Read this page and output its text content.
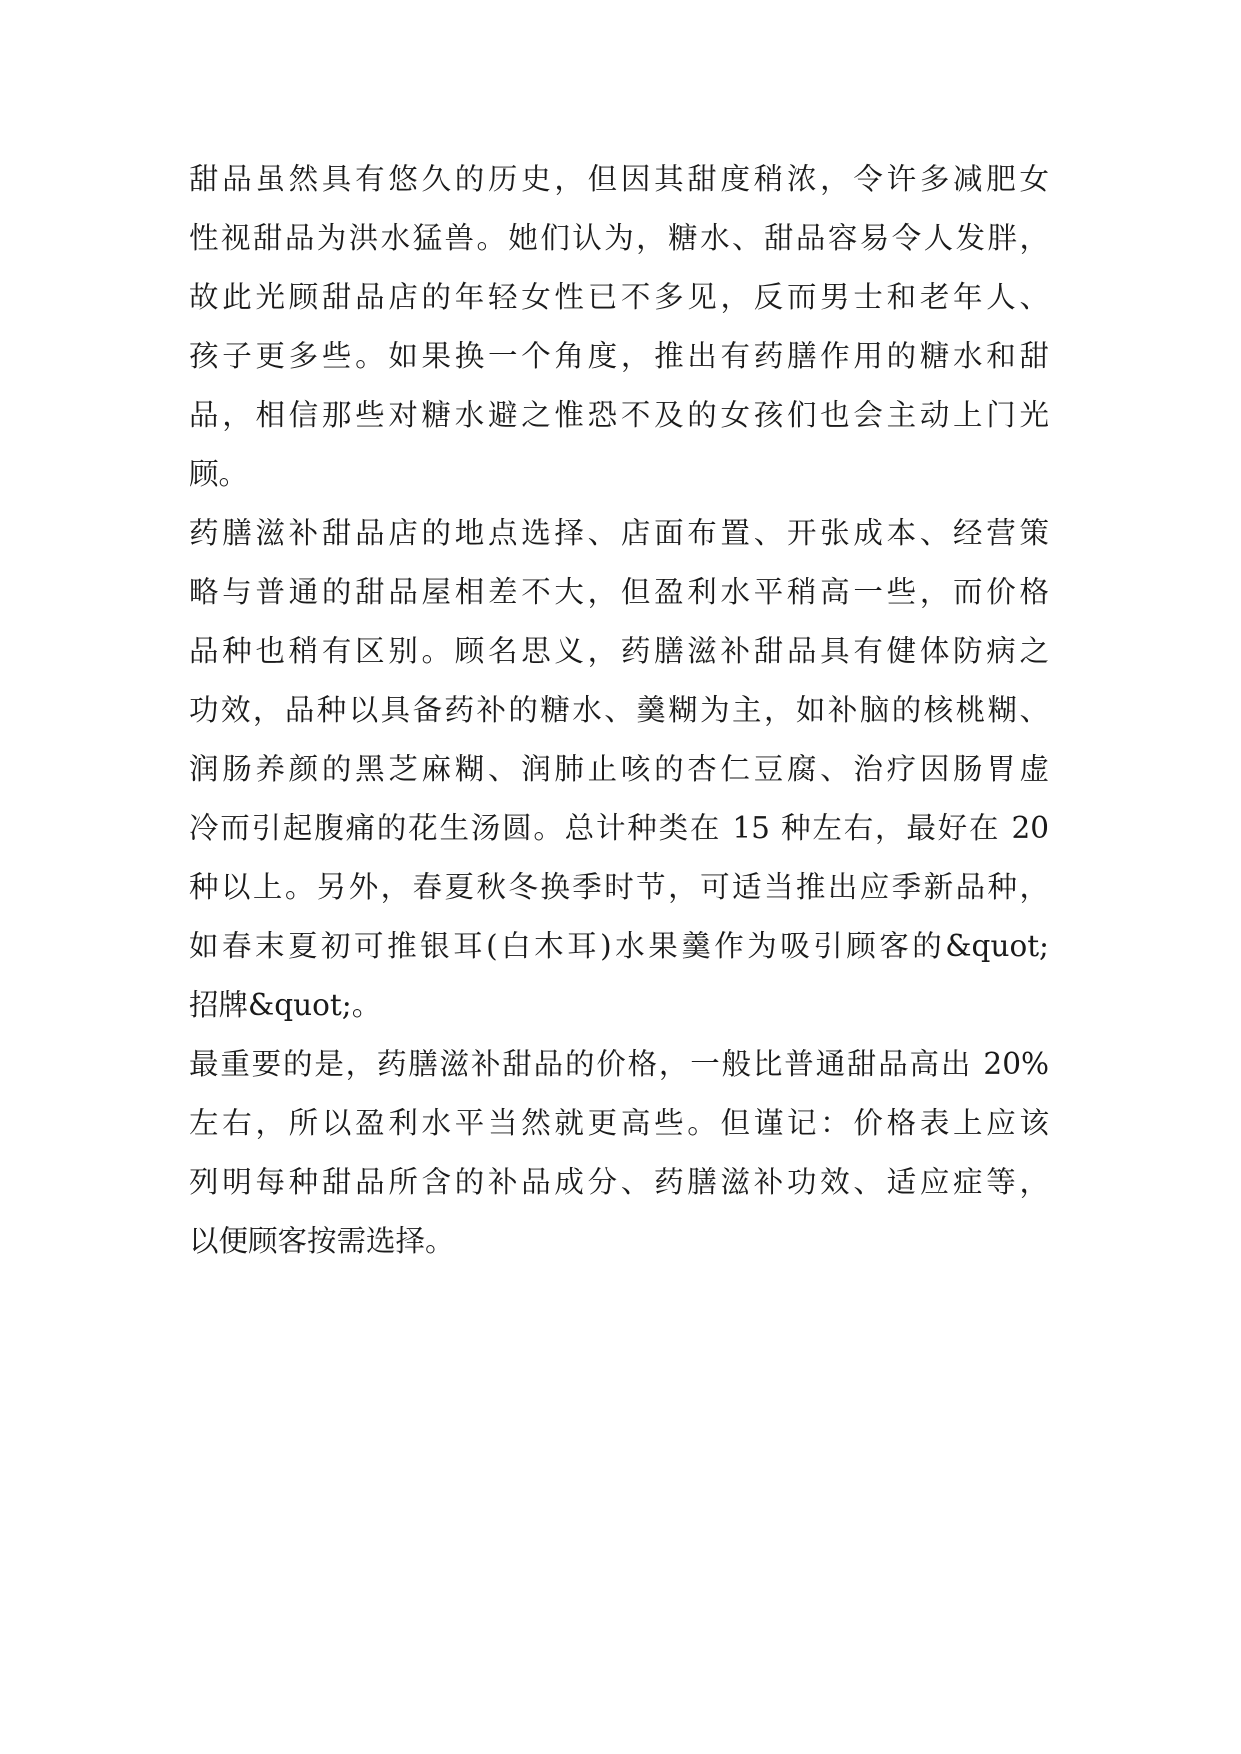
甜品虽然具有悠久的历史，但因其甜度稍浓，令许多减肥女
性视甜品为洪水猛兽。她们认为，糖水、甜品容易令人发胖，
故此光顾甜品店的年轻女性已不多见，反而男士和老年人、
孩子更多些。如果换一个角度，推出有药膳作用的糖水和甜
品，相信那些对糖水避之惟恐不及的女孩们也会主动上门光
顾。
药膳滋补甜品店的地点选择、店面布置、开张成本、经营策
略与普通的甜品屋相差不大，但盈利水平稍高一些，而价格
品种也稍有区别。顾名思义，药膳滋补甜品具有健体防病之
功效，品种以具备药补的糖水、羹糊为主，如补脑的核桃糊、
润肠养颜的黑芝麻糊、润肺止咳的杏仁豆腐、治疗因肠胃虚
冷而引起腹痛的花生汤圆。总计种类在 15 种左右，最好在 20
种以上。另外，春夏秋冬换季时节，可适当推出应季新品种，
如春末夏初可推银耳(白木耳)水果羹作为吸引顾客的&quot;
招牌&quot;。
最重要的是，药膳滋补甜品的价格，一般比普通甜品高出 20%
左右，所以盈利水平当然就更高些。但谨记：价格表上应该
列明每种甜品所含的补品成分、药膳滋补功效、适应症等，
以便顾客按需选择。
